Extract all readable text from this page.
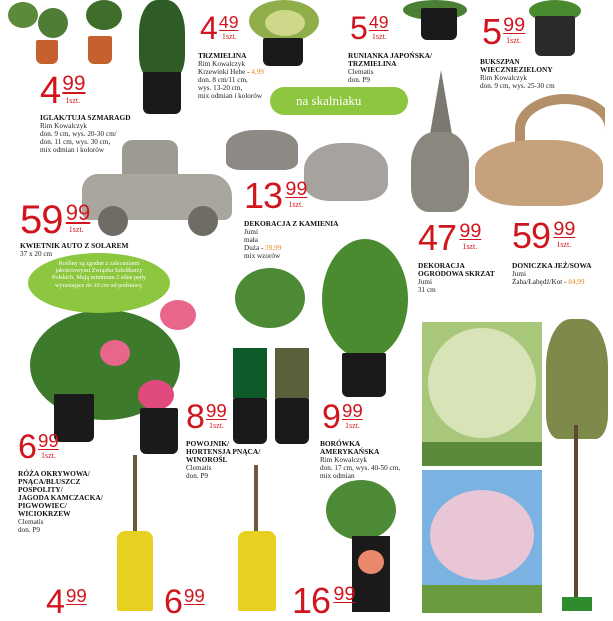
4 99
1szt.
IGLAK/TUJA SZMARAGD
Rim Kowalczyk
don. 9 cm, wys. 20-30 cm/
don. 11 cm, wys. 30 cm,
mix odmian i kolorów
4 49
1szt.
TRZMIELINA
Rim Kowalczyk
Krzewinki Hebe - 4,99
don. 8 cm/11 cm,
wys. 13-20 cm,
mix odmian i kolorów
5 49
1szt.
RUNIANKA JAPOŃSKA/
TRZMIELINA
Clematis
don. P9
5 99
1szt.
BUKSZPAN
WIECZNIEZIELONY
Rim Kowalczyk
don. 9 cm, wys. 25-30 cm
59 99
1szt.
KWIETNIK AUTO Z SOLAREM
37 x 20 cm
13 99
1szt.
DEKORACJA Z KAMIENIA
Jumi
mała
Duża - 39,99
mix wzorów	47 99
1szt.
DEKORACJA
OGRODOWA SKRZAT
Jumi
31 cm
59 99
1szt.
DONICZKA JEŻ/SOWA
Jumi
Żaba/Łabędź/Kot - 84,99
6 99
1szt.
RÓŻA OKRYWOWA/
PNĄCA/BLUSZCZ
POSPOLITY/
JAGODA KAMCZACKA/
PIGWOWIEC/
WICIOKRZEW
Clematis
don. P9
8 99
1szt.
POWOJNIK/
HORTENSJA PNĄCA/
WINOROŚL
Clematis
don. P9
9 99
1szt.
BORÓWKA
AMERYKAŃSKA
Rim Kowalczyk
don. 17 cm, wys. 40-50 cm,
mix odmian
4 99 6 99 16 99
na skalniaku
Rośliny są zgodne z zaleceniami jakościowymi Związku Szkółkarzy Polskich. Mają minimum 2 silne pędy wyrastające do 10 cm od podstawy.
